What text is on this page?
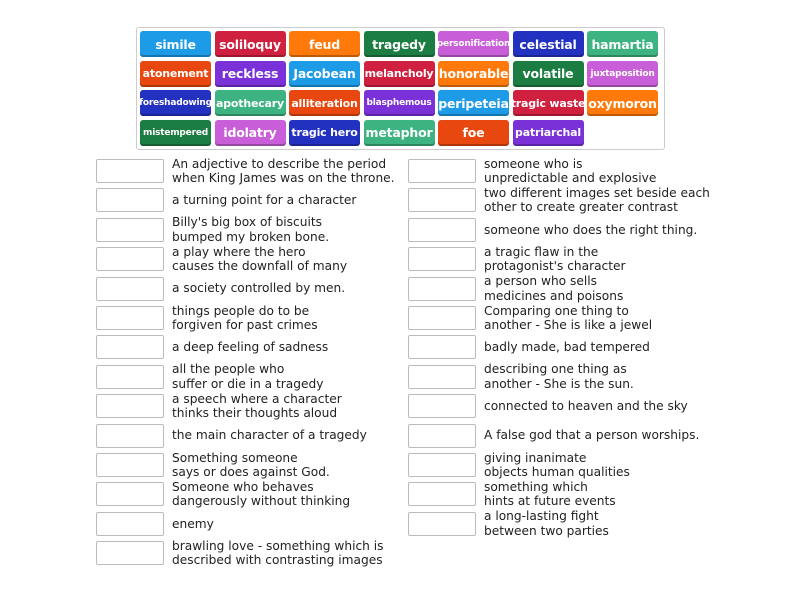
simile	soliloquy	feud	tragedy	personification celestial	hamartia
atonement	reckless	Jacobean melancholy honorable	volatile	juxtaposition
foreshadowing apothecary alliteration blasphemous peripeteia tragic waste oxymoron
mistempered	idolatry	tragic hero metaphor	foe	patriarchal
An adjective to describe the period
when King James was on the throne.
a turning point for a character
Billy's big box of biscuits
bumped my broken bone.
a play where the hero
causes the downfall of many
a society controlled by men.
things people do to be
forgiven for past crimes
a deep feeling of sadness
all the people who
suffer or die in a tragedy
a speech where a character
thinks their thoughts aloud
the main character of a tragedy
Something someone
says or does against God.
Someone who behaves
dangerously without thinking
enemy
brawling love - something which is
described with contrasting images
someone who is
unpredictable and explosive
two different images set beside each
other to create greater contrast
someone who does the right thing.
a tragic flaw in the
protagonist's character
a person who sells
medicines and poisons
Comparing one thing to
another - She is like a jewel
badly made, bad tempered
describing one thing as
another - She is the sun.
connected to heaven and the sky
A false god that a person worships.
giving inanimate
objects human qualities
something which
hints at future events
a long-lasting fight
between two parties
